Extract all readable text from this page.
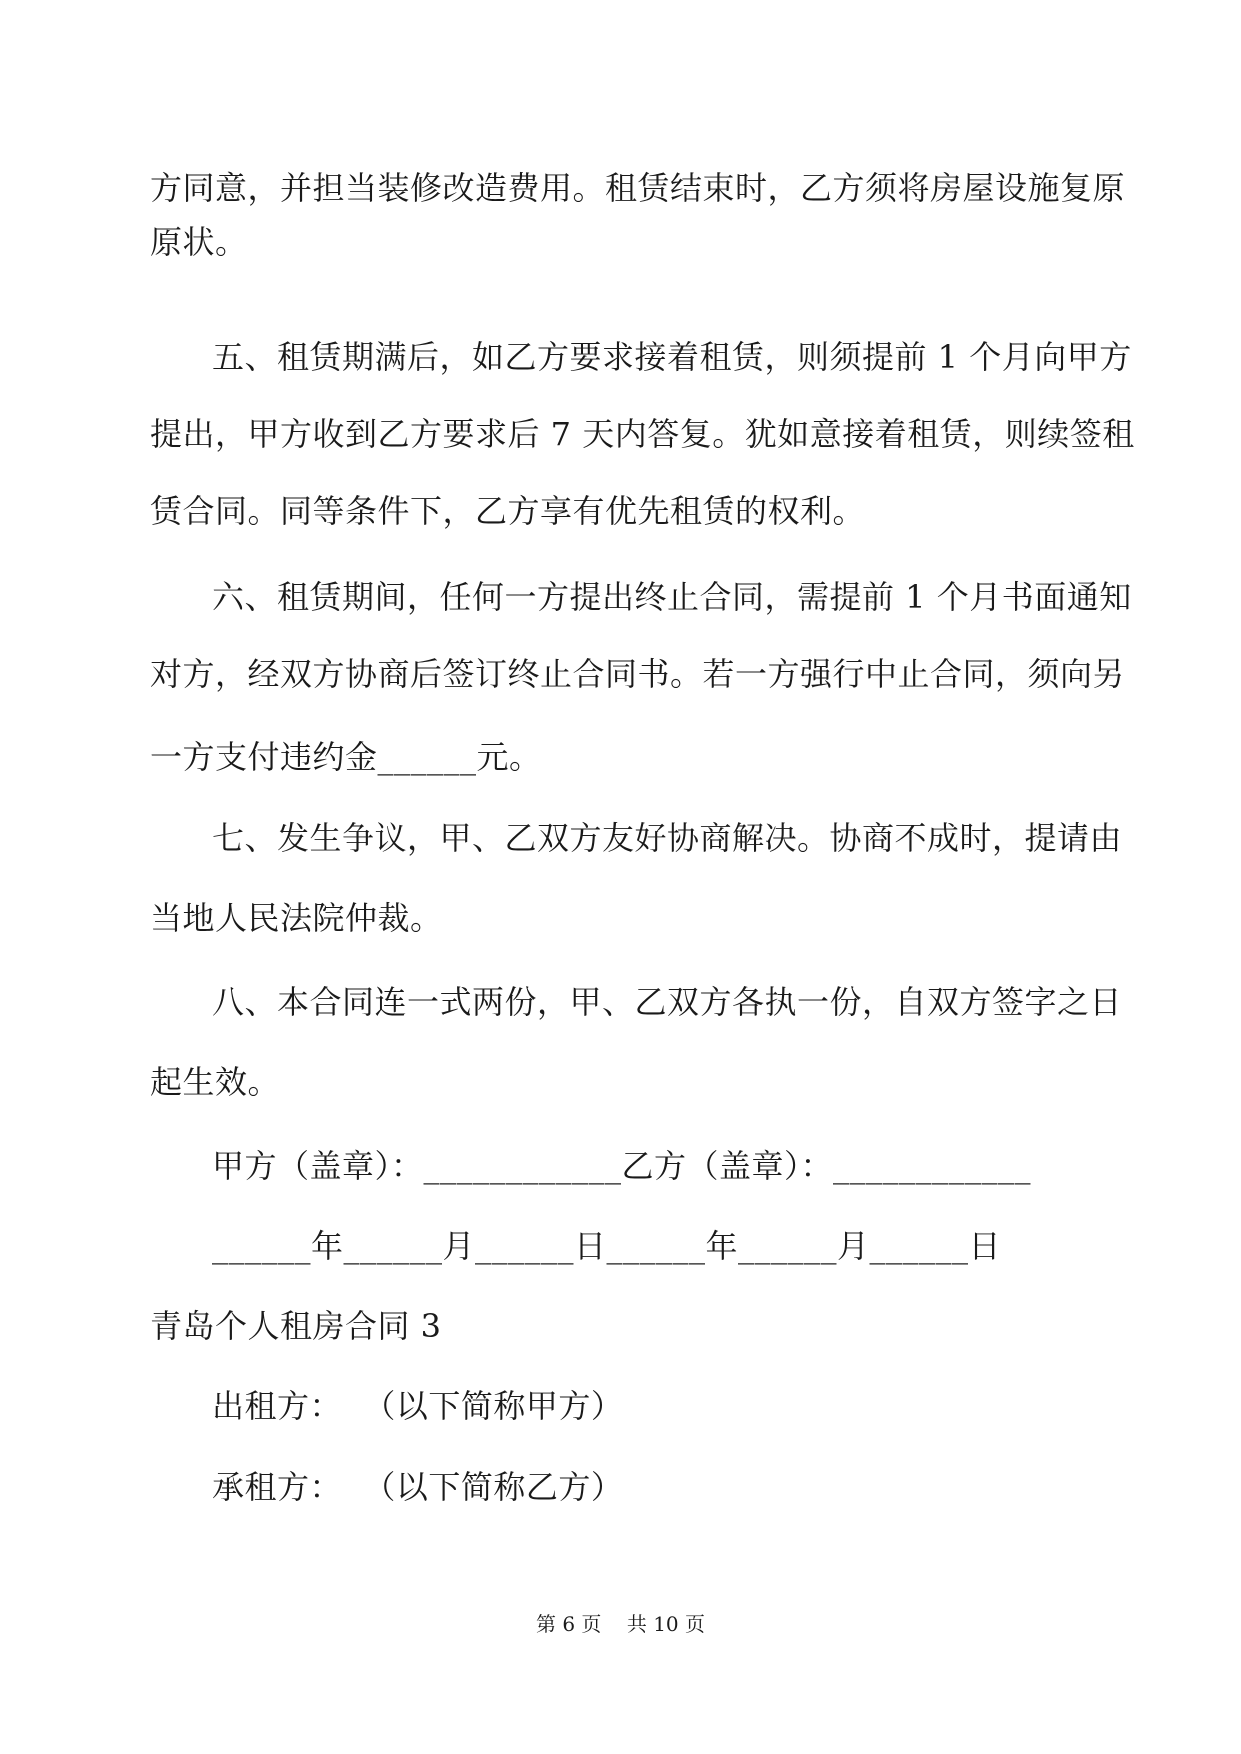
方同意，并担当装修改造费用。租赁结束时，乙方须将房屋设施复原
原状。
五、租赁期满后，如乙方要求接着租赁，则须提前 1 个月向甲方
提出，甲方收到乙方要求后 7 天内答复。犹如意接着租赁，则续签租
赁合同。同等条件下，乙方享有优先租赁的权利。
六、租赁期间，任何一方提出终止合同，需提前 1 个月书面通知
对方，经双方协商后签订终止合同书。若一方强行中止合同，须向另
一方支付违约金______元。
七、发生争议，甲、乙双方友好协商解决。协商不成时，提请由
当地人民法院仲裁。
八、本合同连一式两份，甲、乙双方各执一份，自双方签字之日
起生效。
甲方（盖章）：____________乙方（盖章）：____________
______年______月______日______年______月______日
青岛个人租房合同 3
出租方：  （以下简称甲方）
承租方：  （以下简称乙方）
第 6 页    共 10 页
